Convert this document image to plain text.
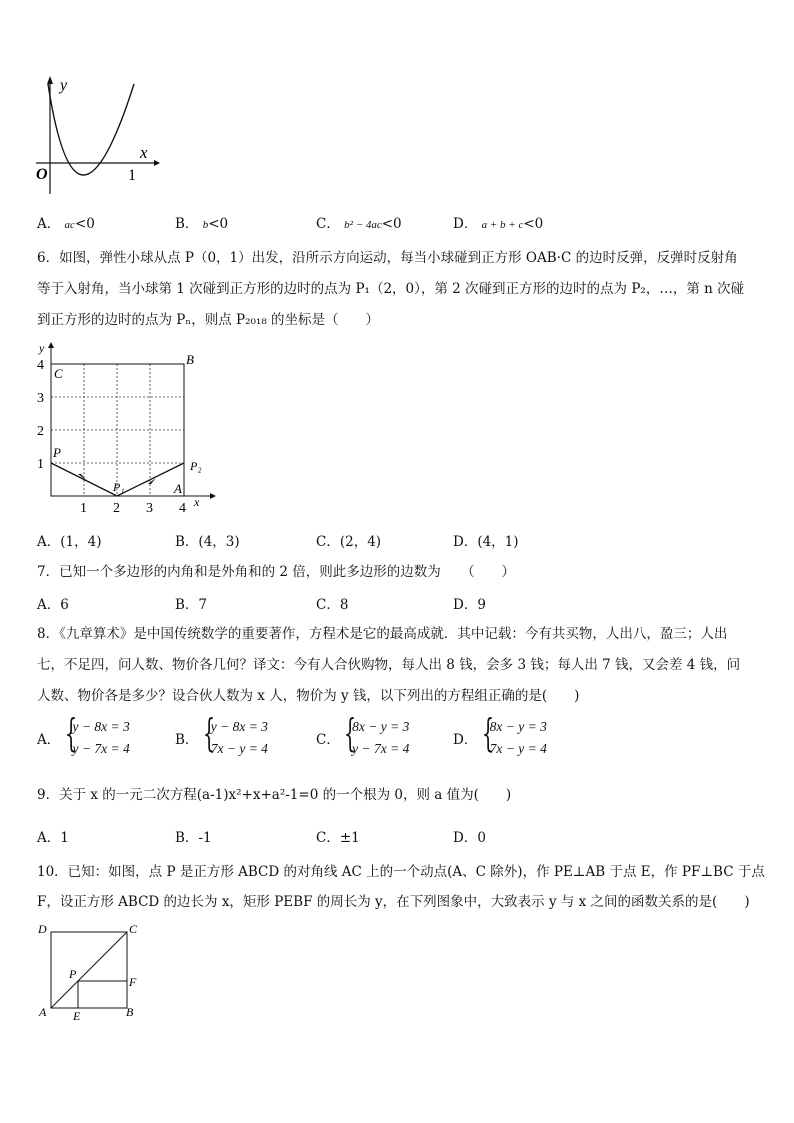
y
x
O	1
A． ac<0	B． b<0	C． b² − 4ac<0	D． a + b + c<0
6．如图，弹性小球从点 P（0，1）出发，沿所示方向运动，每当小球碰到正方形 OAB·C 的边时反弹，反弹时反射角
等于入射角，当小球第 1 次碰到正方形的边时的点为 P₁（2，0），第 2 次碰到正方形的边时的点为 P₂，…，第 n 次碰
到正方形的边时的点为 Pₙ，则点 P₂₀₁₈ 的坐标是（　　）
y
x
4
3
2
1
1 2 3 4
C
B
A
P
P₁
P₂
A．(1，4)	B．(4，3)	C．(2，4)	D．(4，1)
7．已知一个多边形的内角和是外角和的 2 倍，则此多边形的边数为　　（　　）
A．6	B．7	C．8	D．9
8．《九章算术》是中国传统数学的重要著作，方程术是它的最高成就．其中记载：今有共买物，人出八，盈三；人出
七，不足四，问人数、物价各几何？译文：今有人合伙购物，每人出 8 钱，会多 3 钱；每人出 7 钱，又会差 4 钱，问
人数、物价各是多少？设合伙人数为 x 人，物价为 y 钱，以下列出的方程组正确的是(　　)
A． {
y − 8x = 3
y − 7x = 4
B． {
y − 8x = 3
7x − y = 4
C． {
8x − y = 3
y − 7x = 4
D． {
8x − y = 3
7x − y = 4
9．关于 x 的一元二次方程(a-1)x²+x+a²-1=0 的一个根为 0，则 a 值为(　　)
A．1	B．-1	C．±1	D．0
10．已知：如图，点 P 是正方形 ABCD 的对角线 AC 上的一个动点(A、C 除外)，作 PE⊥AB 于点 E，作 PF⊥BC 于点
F，设正方形 ABCD 的边长为 x，矩形 PEBF 的周长为 y，在下列图象中，大致表示 y 与 x 之间的函数关系的是(　　)
D	C
A	B
P
E
F
